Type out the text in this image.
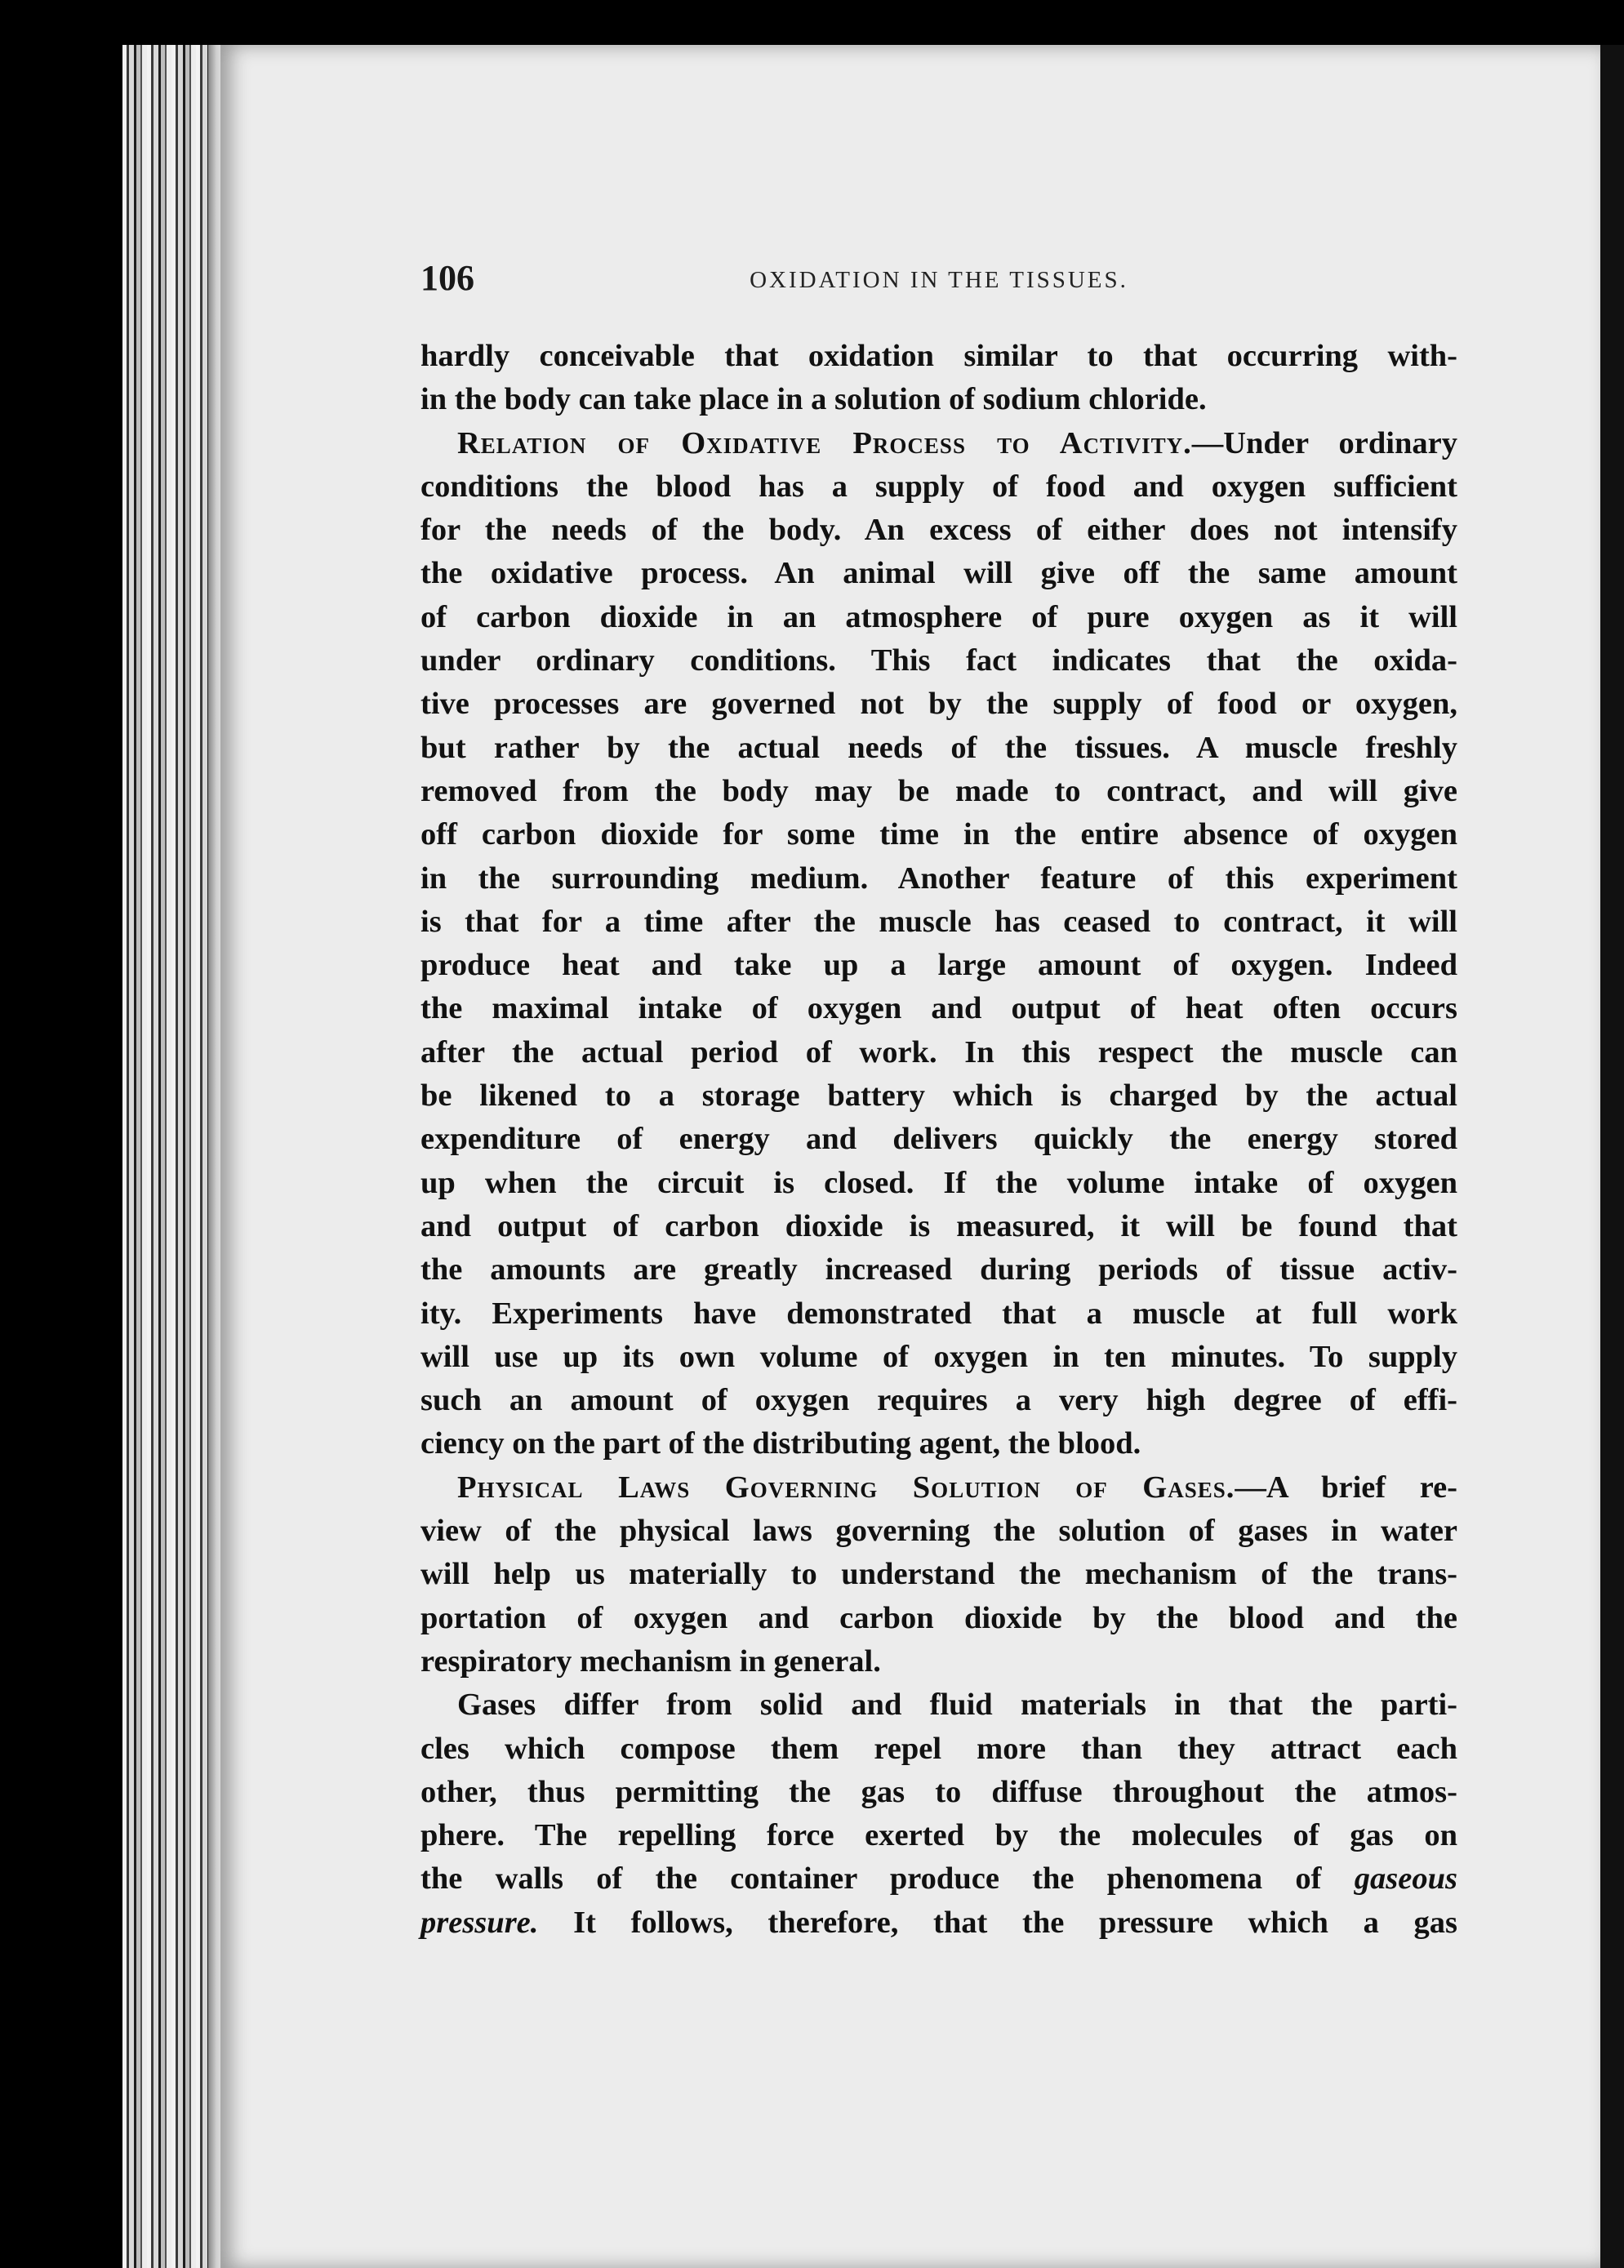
106	OXIDATION IN THE TISSUES.
hardly conceivable that oxidation similar to that occurring with-
in the body can take place in a solution of sodium chloride.
Relation of Oxidative Process to Activity.—Under ordinary
conditions the blood has a supply of food and oxygen sufficient
for the needs of the body. An excess of either does not intensify
the oxidative process. An animal will give off the same amount
of carbon dioxide in an atmosphere of pure oxygen as it will
under ordinary conditions. This fact indicates that the oxida-
tive processes are governed not by the supply of food or oxygen,
but rather by the actual needs of the tissues. A muscle freshly
removed from the body may be made to contract, and will give
off carbon dioxide for some time in the entire absence of oxygen
in the surrounding medium. Another feature of this experiment
is that for a time after the muscle has ceased to contract, it will
produce heat and take up a large amount of oxygen. Indeed
the maximal intake of oxygen and output of heat often occurs
after the actual period of work. In this respect the muscle can
be likened to a storage battery which is charged by the actual
expenditure of energy and delivers quickly the energy stored
up when the circuit is closed. If the volume intake of oxygen
and output of carbon dioxide is measured, it will be found that
the amounts are greatly increased during periods of tissue activ-
ity. Experiments have demonstrated that a muscle at full work
will use up its own volume of oxygen in ten minutes. To supply
such an amount of oxygen requires a very high degree of effi-
ciency on the part of the distributing agent, the blood.
Physical Laws Governing Solution of Gases.—A brief re-
view of the physical laws governing the solution of gases in water
will help us materially to understand the mechanism of the trans-
portation of oxygen and carbon dioxide by the blood and the
respiratory mechanism in general.
Gases differ from solid and fluid materials in that the parti-
cles which compose them repel more than they attract each
other, thus permitting the gas to diffuse throughout the atmos-
phere. The repelling force exerted by the molecules of gas on
the walls of the container produce the phenomena of gaseous
pressure. It follows, therefore, that the pressure which a gas
